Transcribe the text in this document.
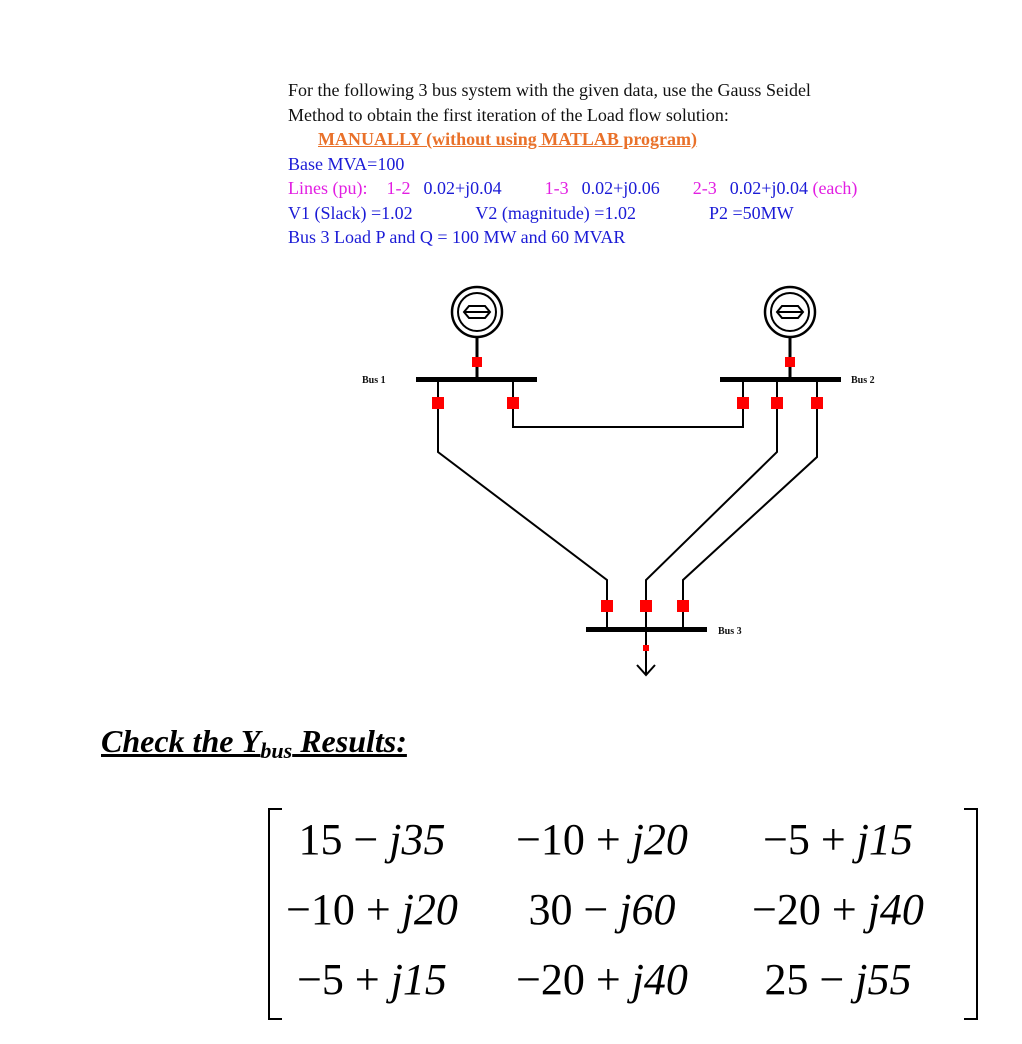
For the following 3 bus system with the given data, use the Gauss Seidel
Method to obtain the first iteration of the Load flow solution:
MANUALLY (without using MATLAB program)
Base MVA=100
Lines (pu): 1-2 0.02+j0.04 1-3 0.02+j0.06 2-3 0.02+j0.04 (each)
V1 (Slack) =1.02	V2 (magnitude) =1.02	P2 =50MW
Bus 3 Load P and Q = 100 MW and 60 MVAR
Bus 1	Bus 2
Bus 3
Check the $Y_{bus}$ Results:
15 − j35	−10 + j20	−5 + j15
−10 + j20	30 − j60	−20 + j40
−5 + j15	−20 + j40	25 − j55
